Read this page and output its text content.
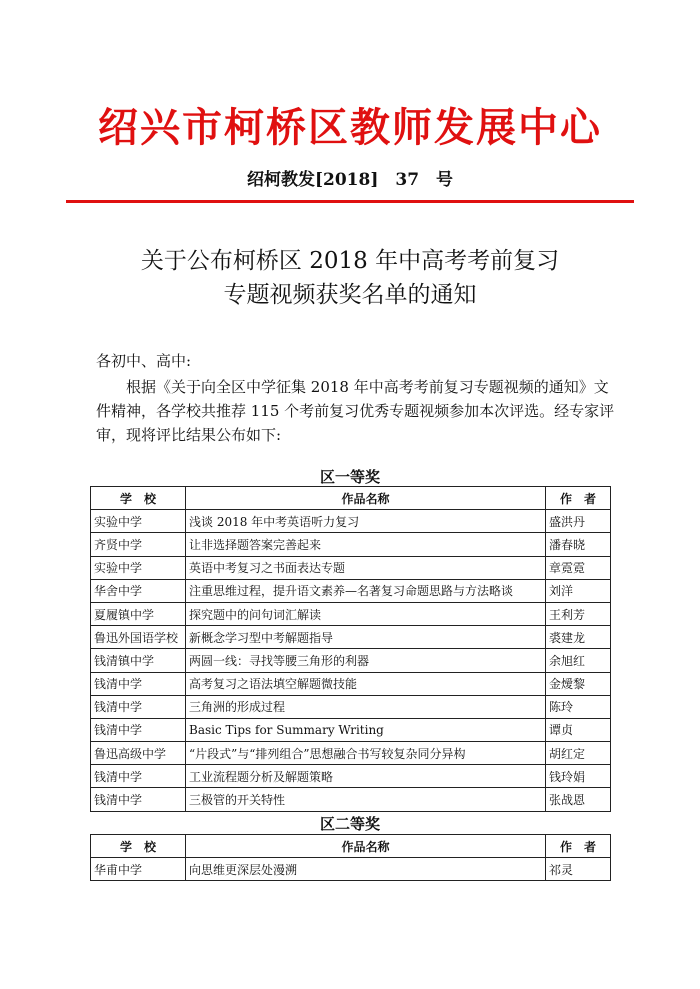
绍兴市柯桥区教师发展中心
绍柯教发[2018]　37　号
关于公布柯桥区 2018 年中高考考前复习
专题视频获奖名单的通知
各初中、高中:
根据《关于向全区中学征集 2018 年中高考考前复习专题视频的通知》文件精神，各学校共推荐 115 个考前复习优秀专题视频参加本次评选。经专家评审，现将评比结果公布如下:
区一等奖
学　校	作品名称	作　者
实验中学	浅谈 2018 年中考英语听力复习	盛洪丹
齐贤中学	让非选择题答案完善起来	潘春晓
实验中学	英语中考复习之书面表达专题	章霓霓
华舍中学	注重思维过程，提升语文素养—名著复习命题思路与方法略谈	刘洋
夏履镇中学	探究题中的问句词汇解读	王利芳
鲁迅外国语学校	新概念学习型中考解题指导	裘建龙
钱清镇中学	两圆一线：寻找等腰三角形的利器	余旭红
钱清中学	高考复习之语法填空解题微技能	金燰黎
钱清中学	三角洲的形成过程	陈玲
钱清中学	Basic Tips for Summary Writing	谭贞
鲁迅高级中学	“片段式”与“排列组合”思想融合书写较复杂同分异构	胡红定
钱清中学	工业流程题分析及解题策略	钱玲娟
钱清中学	三极管的开关特性	张战恩
区二等奖
学　校	作品名称	作　者
华甫中学	向思维更深层处漫溯	祁灵
